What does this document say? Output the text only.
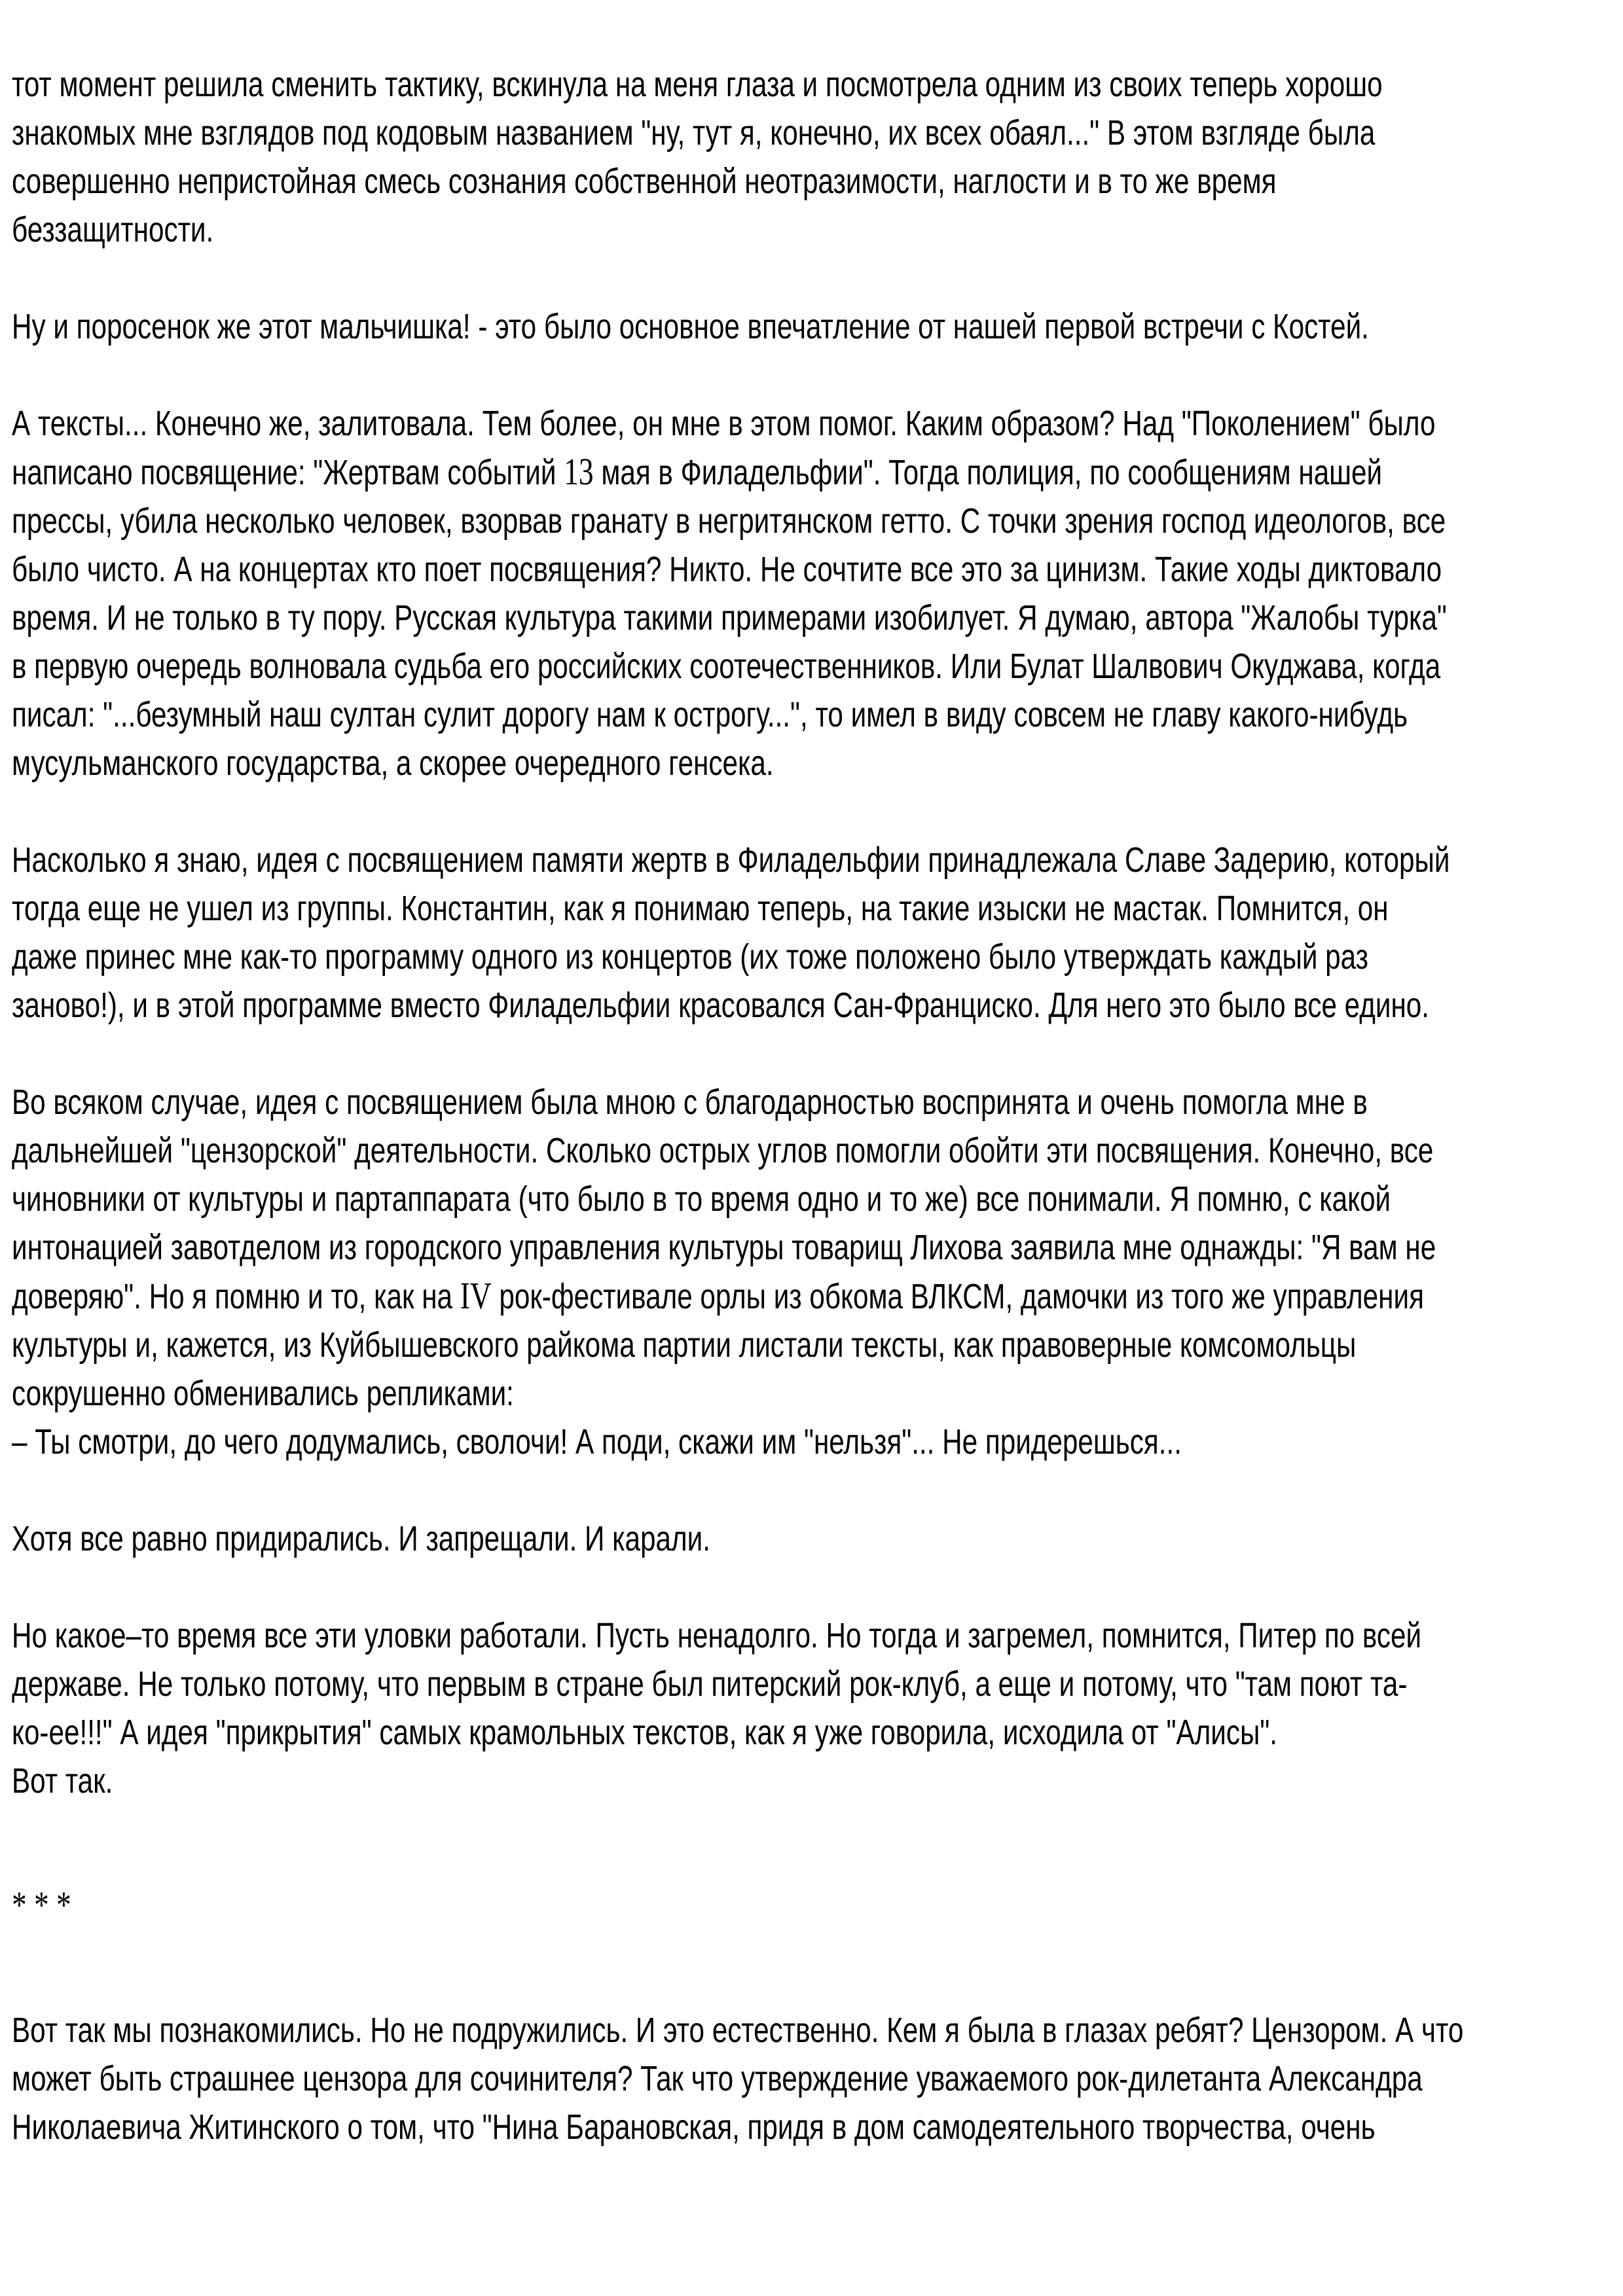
тот момент решила сменить тактику, вскинула на меня глаза и посмотрела одним из своих теперь хорошо
знакомых мне взглядов под кодовым названием "ну, тут я, конечно, их всех обаял..." В этом взгляде была
совершенно непристойная смесь сознания собственной неотразимости, наглости и в то же время
беззащитности.

Ну и поросенок же этот мальчишка! - это было основное впечатление от нашей первой встречи с Костей.

А тексты... Конечно же, залитовала. Тем более, он мне в этом помог. Каким образом? Над "Поколением" было
написано посвящение: "Жертвам событий 13 мая в Филадельфии". Тогда полиция, по сообщениям нашей
прессы, убила несколько человек, взорвав гранату в негритянском гетто. С точки зрения господ идеологов, все
было чисто. А на концертах кто поет посвящения? Никто. Не сочтите все это за цинизм. Такие ходы диктовало
время. И не только в ту пору. Русская культура такими примерами изобилует. Я думаю, автора "Жалобы турка"
в первую очередь волновала судьба его российских соотечественников. Или Булат Шалвович Окуджава, когда
писал: "...безумный наш султан сулит дорогу нам к острогу...", то имел в виду совсем не главу какого-нибудь
мусульманского государства, а скорее очередного генсека.

Насколько я знаю, идея с посвящением памяти жертв в Филадельфии принадлежала Славе Задерию, который
тогда еще не ушел из группы. Константин, как я понимаю теперь, на такие изыски не мастак. Помнится, он
даже принес мне как-то программу одного из концертов (их тоже положено было утверждать каждый раз
заново!), и в этой программе вместо Филадельфии красовался Сан-Франциско. Для него это было все едино.

Во всяком случае, идея с посвящением была мною с благодарностью воспринята и очень помогла мне в
дальнейшей "цензорской" деятельности. Сколько острых углов помогли обойти эти посвящения. Конечно, все
чиновники от культуры и партаппарата (что было в то время одно и то же) все понимали. Я помню, с какой
интонацией завотделом из городского управления культуры товарищ Лихова заявила мне однажды: "Я вам не
доверяю". Но я помню и то, как на IV рок-фестивале орлы из обкома ВЛКСМ, дамочки из того же управления
культуры и, кажется, из Куйбышевского райкома партии листали тексты, как правоверные комсомольцы
сокрушенно обменивались репликами:
– Ты смотри, до чего додумались, сволочи! А поди, скажи им "нельзя"... Не придерешься...

Хотя все равно придирались. И запрещали. И карали.

Но какое–то время все эти уловки работали. Пусть ненадолго. Но тогда и загремел, помнится, Питер по всей
державе. Не только потому, что первым в стране был питерский рок-клуб, а еще и потому, что "там поют та-
ко-ее!!!" А идея "прикрытия" самых крамольных текстов, как я уже говорила, исходила от "Алисы".
Вот так.

* * *

Вот так мы познакомились. Но не подружились. И это естественно. Кем я была в глазах ребят? Цензором. А что
может быть страшнее цензора для сочинителя? Так что утверждение уважаемого рок-дилетанта Александра
Николаевича Житинского о том, что "Нина Барановская, придя в дом самодеятельного творчества, очень
